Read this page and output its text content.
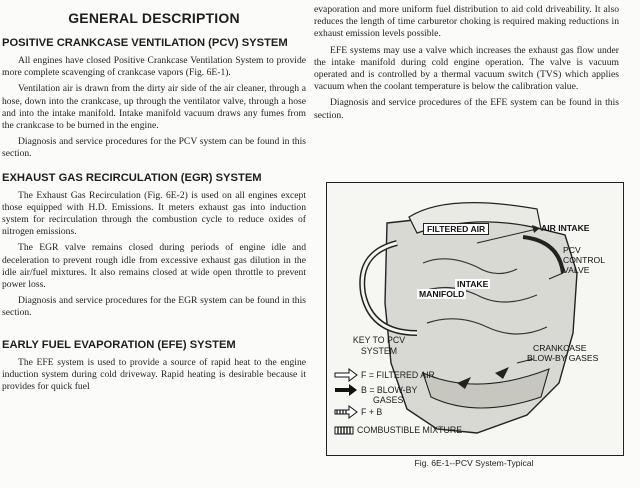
GENERAL DESCRIPTION
POSITIVE CRANKCASE VENTILATION (PCV) SYSTEM

All engines have closed Positive Crankcase Ventilation System to provide more complete scavenging of crankcase vapors (Fig. 6E-1).

Ventilation air is drawn from the dirty air side of the air cleaner, through a hose, down into the crankcase, up through the ventilator valve, through a hose and into the intake manifold. Intake manifold vacuum draws any fumes from the crankcase to be burned in the engine.

Diagnosis and service procedures for the PCV system can be found in this section.

EXHAUST GAS RECIRCULATION (EGR) SYSTEM

The Exhaust Gas Recirculation (Fig. 6E-2) is used on all engines except those equipped with H.D. Emissions. It meters exhaust gas into induction system for recirculation through the combustion cycle to reduce oxides of nitrogen emissions.

The EGR valve remains closed during periods of engine idle and deceleration to prevent rough idle from excessive exhaust gas dilution in the idle air/fuel mixtures. It also remains closed at wide open throttle to prevent power loss.

Diagnosis and service procedures for the EGR system can be found in this section.

EARLY FUEL EVAPORATION (EFE) SYSTEM

The EFE system is used to provide a source of rapid heat to the engine induction system during cold driveway. Rapid heating is desirable because it provides for quick fuel

evaporation and more uniform fuel distribution to aid cold driveability. It also reduces the length of time carburetor choking is required making reductions in exhaust emission levels possible.

EFE systems may use a valve which increases the exhaust gas flow under the intake manifold during cold engine operation. The valve is vacuum operated and is controlled by a thermal vacuum switch (TVS) which applies vacuum when the coolant temperature is below the calibration value.

Diagnosis and service procedures of the EFE system can be found in this section.

FILTERED AIR	AIR INTAKE
PCV
CONTROL
VALVE
INTAKE
MANIFOLD
CRANKCASE
BLOW-BY GASES
KEY TO PCV
SYSTEM
F = FILTERED AIR
B = BLOW-BY
GASES
F + B
COMBUSTIBLE MIXTURE
Fig. 6E-1--PCV System-Typical
